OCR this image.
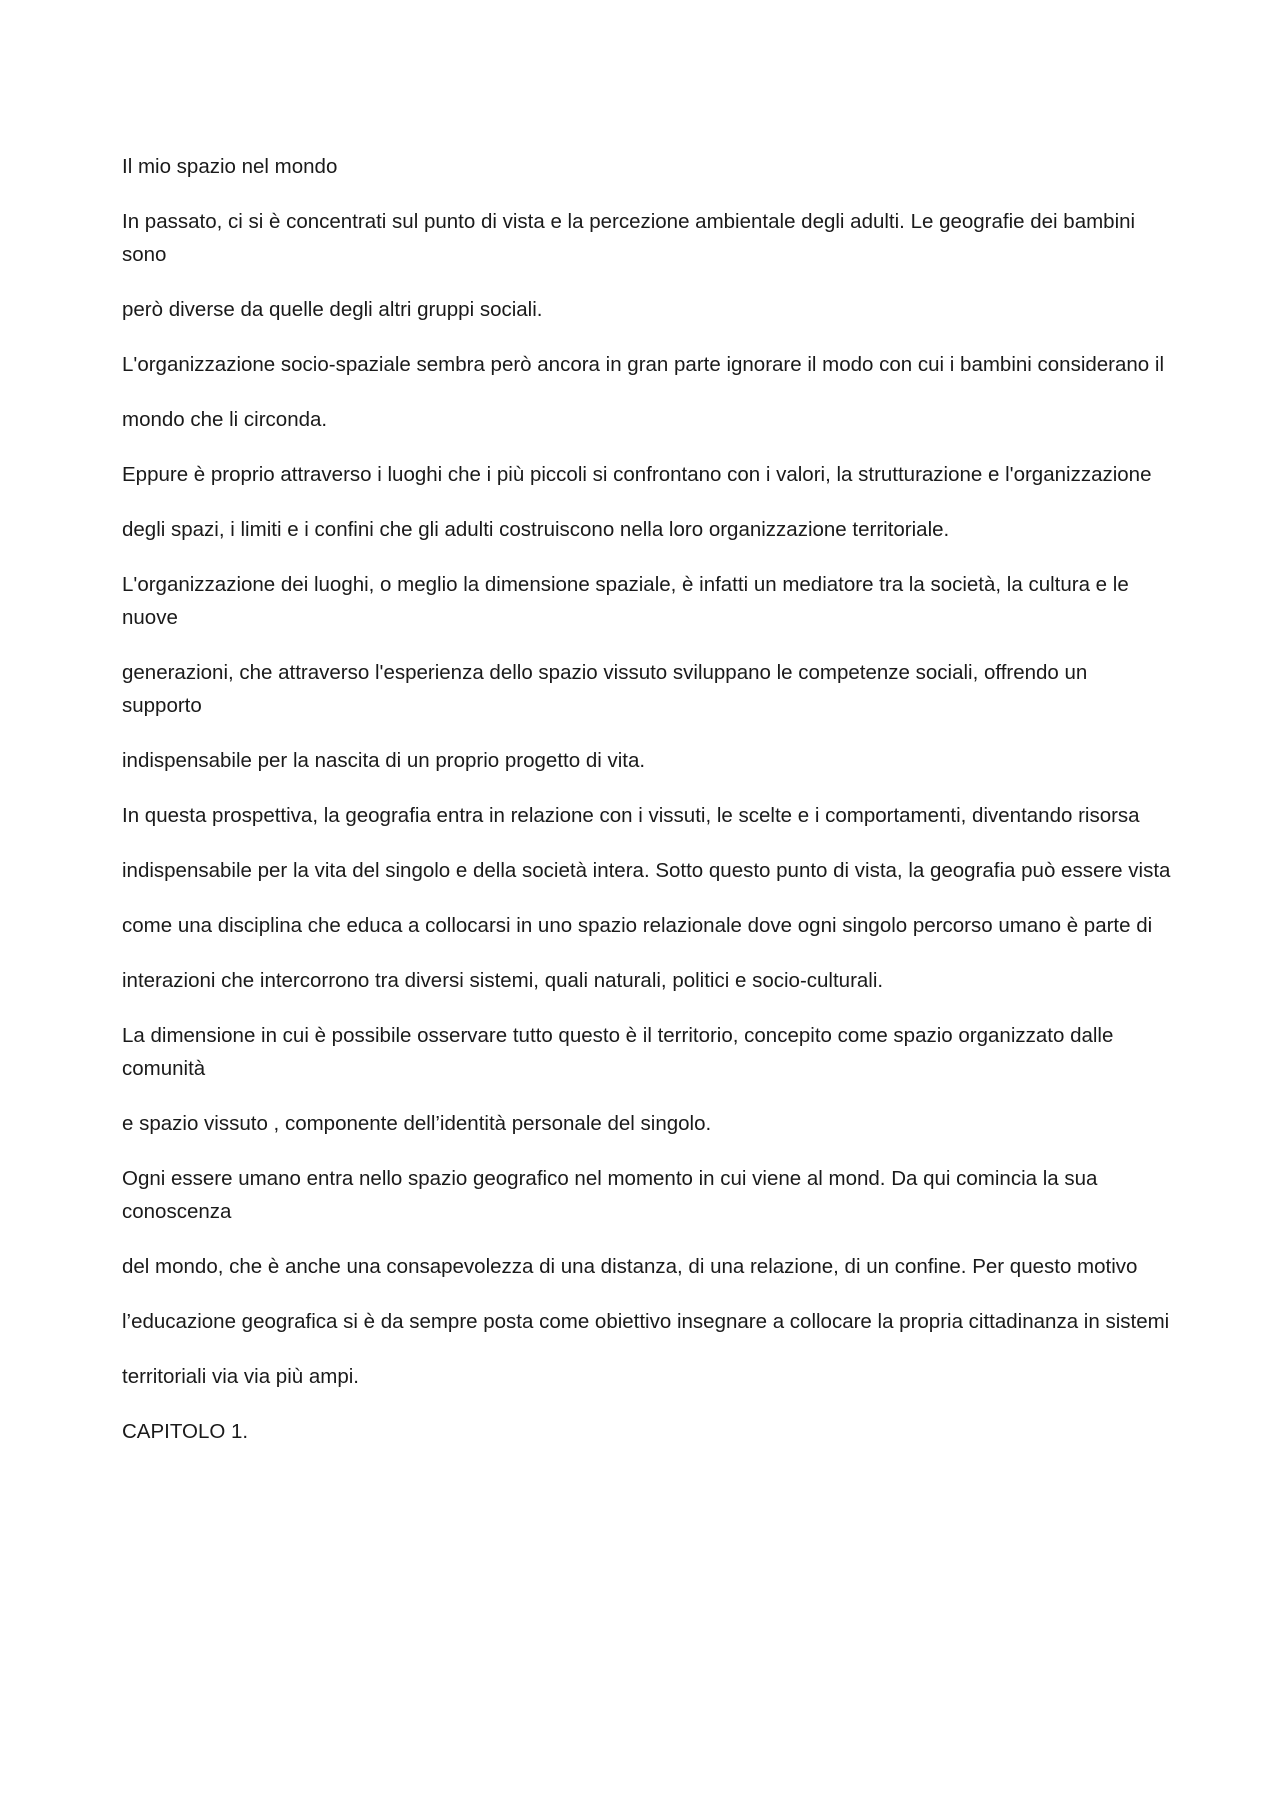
Il mio spazio nel mondo

In passato, ci si è concentrati sul punto di vista e la percezione ambientale degli adulti. Le geografie dei bambini sono

però diverse da quelle degli altri gruppi sociali.

L'organizzazione socio-spaziale sembra però ancora in gran parte ignorare il modo con cui i bambini considerano il

mondo che li circonda.

Eppure è proprio attraverso i luoghi che i più piccoli si confrontano con i valori, la strutturazione e l'organizzazione

degli spazi, i limiti e i confini che gli adulti costruiscono nella loro organizzazione territoriale.

L'organizzazione dei luoghi, o meglio la dimensione spaziale, è infatti un mediatore tra la società, la cultura e le nuove

generazioni, che attraverso l'esperienza dello spazio vissuto sviluppano le competenze sociali, offrendo un supporto

indispensabile per la nascita di un proprio progetto di vita.

In questa prospettiva, la geografia entra in relazione con i vissuti, le scelte e i comportamenti, diventando risorsa

indispensabile per la vita del singolo e della società intera. Sotto questo punto di vista, la geografia può essere vista

come una disciplina che educa a collocarsi in uno spazio relazionale dove ogni singolo percorso umano è parte di

interazioni che intercorrono tra diversi sistemi, quali naturali, politici e socio-culturali.

La dimensione in cui è possibile osservare tutto questo è il territorio, concepito come spazio organizzato dalle comunità

e spazio vissuto , componente dell’identità personale del singolo.

Ogni essere umano entra nello spazio geografico nel momento in cui viene al mond. Da qui comincia la sua conoscenza

del mondo, che è anche una consapevolezza di una distanza, di una relazione, di un confine. Per questo motivo

l’educazione geografica si è da sempre posta come obiettivo insegnare a collocare la propria cittadinanza in sistemi

territoriali via via più ampi.

CAPITOLO 1.
